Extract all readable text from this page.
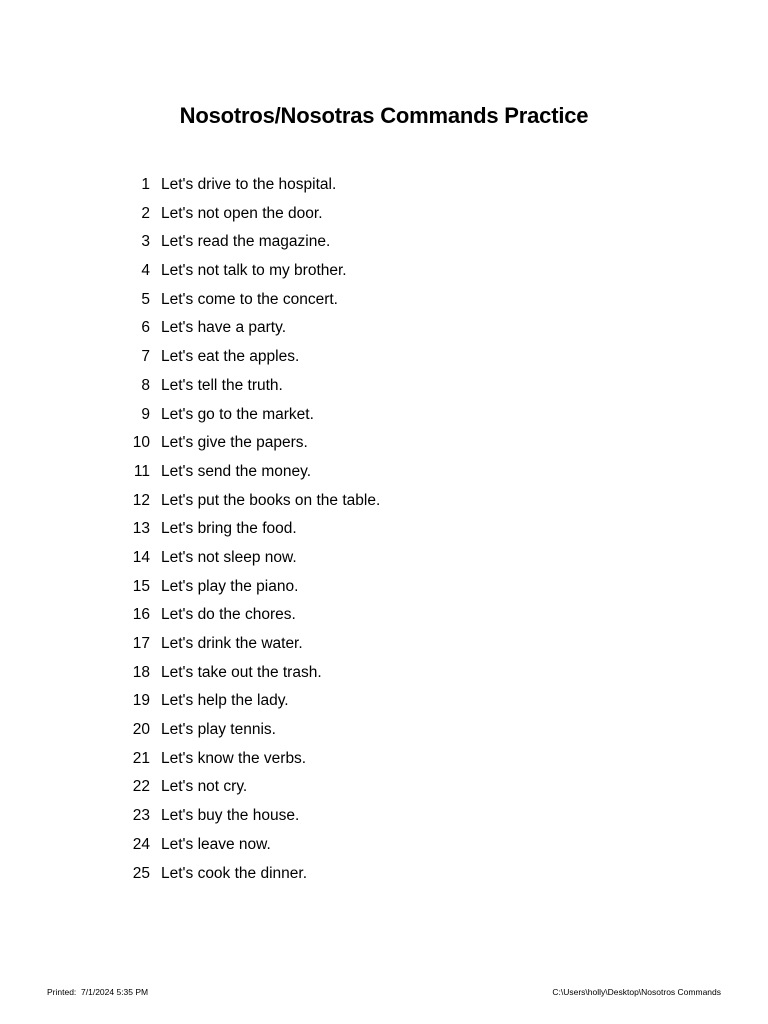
Nosotros/Nosotras Commands Practice
1 Let's drive to the hospital.
2 Let's not open the door.
3 Let's read the magazine.
4 Let's not talk to my brother.
5 Let's come to the concert.
6 Let's have a party.
7 Let's eat the apples.
8 Let's tell the truth.
9 Let's go to the market.
10 Let's give the papers.
11 Let's send the money.
12 Let's put the books on the table.
13 Let's bring the food.
14 Let's not sleep now.
15 Let's play the piano.
16 Let's do the chores.
17 Let's drink the water.
18 Let's take out the trash.
19 Let's help the lady.
20 Let's play tennis.
21 Let's know the verbs.
22 Let's not cry.
23 Let's buy the house.
24 Let's leave now.
25 Let's cook the dinner.
Printed:  7/1/2024 5:35 PM	C:\Users\holly\Desktop\Nosotros Commands
